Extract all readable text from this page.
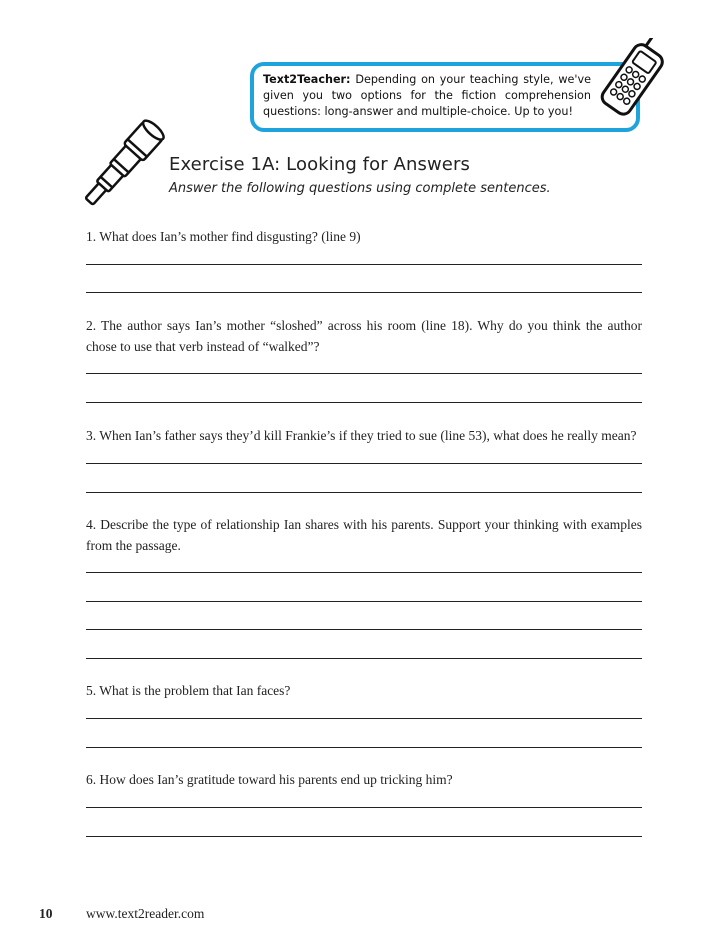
Text2Teacher: Depending on your teaching style, we've given you two options for the fiction comprehension questions: long-answer and multiple-choice. Up to you!
Exercise 1A: Looking for Answers
Answer the following questions using complete sentences.
1. What does Ian’s mother find disgusting? (line 9)
2. The author says Ian’s mother “sloshed” across his room (line 18). Why do you think the author chose to use that verb instead of “walked”?
3. When Ian’s father says they’d kill Frankie’s if they tried to sue (line 53), what does he really mean?
4. Describe the type of relationship Ian shares with his parents. Support your thinking with examples from the passage.
5. What is the problem that Ian faces?
6. How does Ian’s gratitude toward his parents end up tricking him?
10 www.text2reader.com
